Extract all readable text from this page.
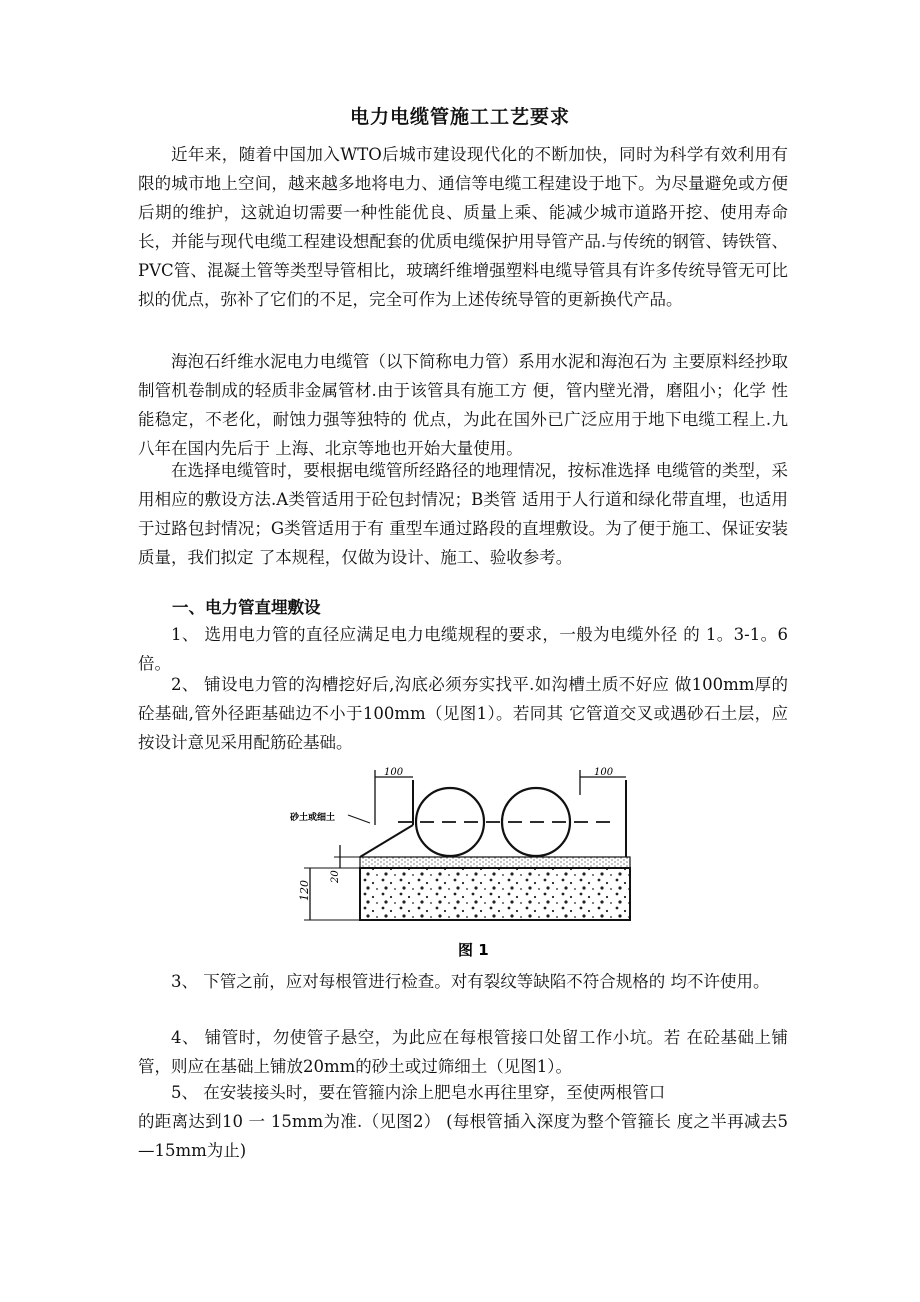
电力电缆管施工工艺要求

近年来，随着中国加入WTO后城市建设现代化的不断加快，同时为科学有效利用有限的城市地上空间，越来越多地将电力、通信等电缆工程建设于地下。为尽量避免或方便后期的维护，这就迫切需要一种性能优良、质量上乘、能减少城市道路开挖、使用寿命长，并能与现代电缆工程建设想配套的优质电缆保护用导管产品.与传统的钢管、铸铁管、PVC管、混凝土管等类型导管相比，玻璃纤维增强塑料电缆导管具有许多传统导管无可比拟的优点，弥补了它们的不足，完全可作为上述传统导管的更新换代产品。

海泡石纤维水泥电力电缆管（以下简称电力管）系用水泥和海泡石为 主要原料经抄取制管机卷制成的轻质非金属管材.由于该管具有施工方 便，管内壁光滑，磨阻小；化学 性能稳定，不老化，耐蚀力强等独特的 优点，为此在国外已广泛应用于地下电缆工程上.九八年在国内先后于 上海、北京等地也开始大量使用。

在选择电缆管时，要根据电缆管所经路径的地理情况，按标准选择 电缆管的类型，采用相应的敷设方法.A类管适用于砼包封情况；B类管 适用于人行道和绿化带直埋，也适用于过路包封情况；G类管适用于有 重型车通过路段的直埋敷设。为了便于施工、保证安装质量，我们拟定 了本规程，仅做为设计、施工、验收参考。

一、电力管直埋敷设

1、 选用电力管的直径应满足电力电缆规程的要求，一般为电缆外径 的 1。3-1。6倍。

2、 铺设电力管的沟槽挖好后,沟底必须夯实找平.如沟槽土质不好应 做100mm厚的砼基础,管外径距基础边不小于100mm（见图1）。若同其 它管道交叉或遇砂石土层，应按设计意见采用配筋砼基础。

100	100
砂土或细土
120
20
图 1

3、 下管之前，应对每根管进行检查。对有裂纹等缺陷不符合规格的 均不许使用。

4、 铺管时，勿使管子悬空，为此应在每根管接口处留工作小坑。若 在砼基础上铺管，则应在基础上铺放20mm的砂土或过筛细土（见图1）。

5、 在安装接头时，要在管箍内涂上肥皂水再往里穿，至使两根管口

的距离达到10 一 15mm为准.（见图2） (每根管插入深度为整个管箍长 度之半再减去5—15mm为止)
